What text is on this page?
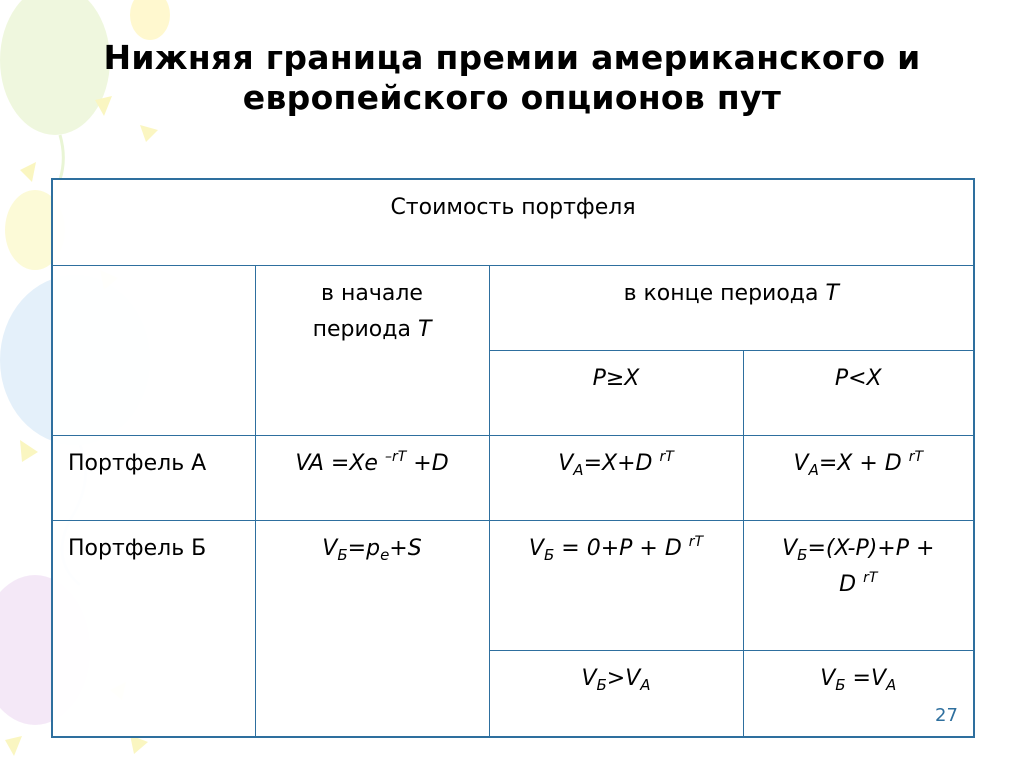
Нижняя граница премии американского и
европейского опционов пут
Стоимость портфеля			
	в начале
периода T	в конце периода T	
		P≥X	P<X
Портфель А	VA =Xe $^{-rT}$ +D	$V_A=X+D$ $^{rT}$	$V_A=X + D$ $^{rT}$
Портфель Б	$V_Б=p_e+S$	$V_Б = 0+P + D$ $^{rT}$	$V_Б=(X-P)+P$ +
D $^{rT}$
		$V_Б>V_A$	$V_Б =V_A$
27
